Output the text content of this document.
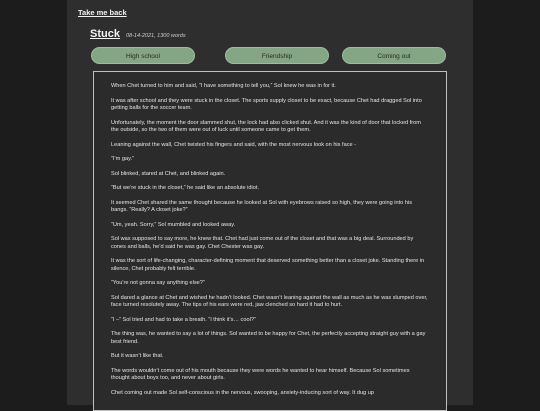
Take me back
Stuck 08-14-2021, 1300 words
High school	Friendship	Coming out

When Chet turned to him and said, “I have something to tell you,” Sol knew he was in for it.

It was after school and they were stuck in the closet. The sports supply closet to be exact, because Chet had dragged Sol into getting balls for the soccer team.

Unfortunately, the moment the door slammed shut, the lock had also clicked shut. And it was the kind of door that locked from the outside, so the two of them were out of luck until someone came to get them.

Leaning against the wall, Chet twisted his fingers and said, with the most nervous look on his face -

“I’m gay.”

Sol blinked, stared at Chet, and blinked again.

“But we’re stuck in the closet,” he said like an absolute idiot.

It seemed Chet shared the same thought because he looked at Sol with eyebrows raised so high, they were going into his bangs. “Really? A closet joke?”

“Um, yeah. Sorry,” Sol mumbled and looked away.

Sol was supposed to say more, he knew that. Chet had just come out of the closet and that was a big deal. Surrounded by cones and balls, he’d said he was gay. Chet Chester was gay.

It was the sort of life-changing, character-defining moment that deserved something better than a closet joke. Standing there in silence, Chet probably felt terrible.

“You’re not gonna say anything else?”

Sol dared a glance at Chet and wished he hadn’t looked. Chet wasn’t leaning against the wall as much as he was slumped over, face turned resolutely away. The tips of his ears were red, jaw clenched so hard it had to hurt.

“I –” Sol tried and had to take a breath. “I think it’s… cool?”

The thing was, he wanted to say a lot of things. Sol wanted to be happy for Chet, the perfectly accepting straight guy with a gay best friend.

But it wasn’t like that.

The words wouldn’t come out of his mouth because they were words he wanted to hear himself. Because Sol sometimes thought about boys too, and never about girls.

Chet coming out made Sol self-conscious in the nervous, swooping, anxiety-inducing sort of way. It dug up
